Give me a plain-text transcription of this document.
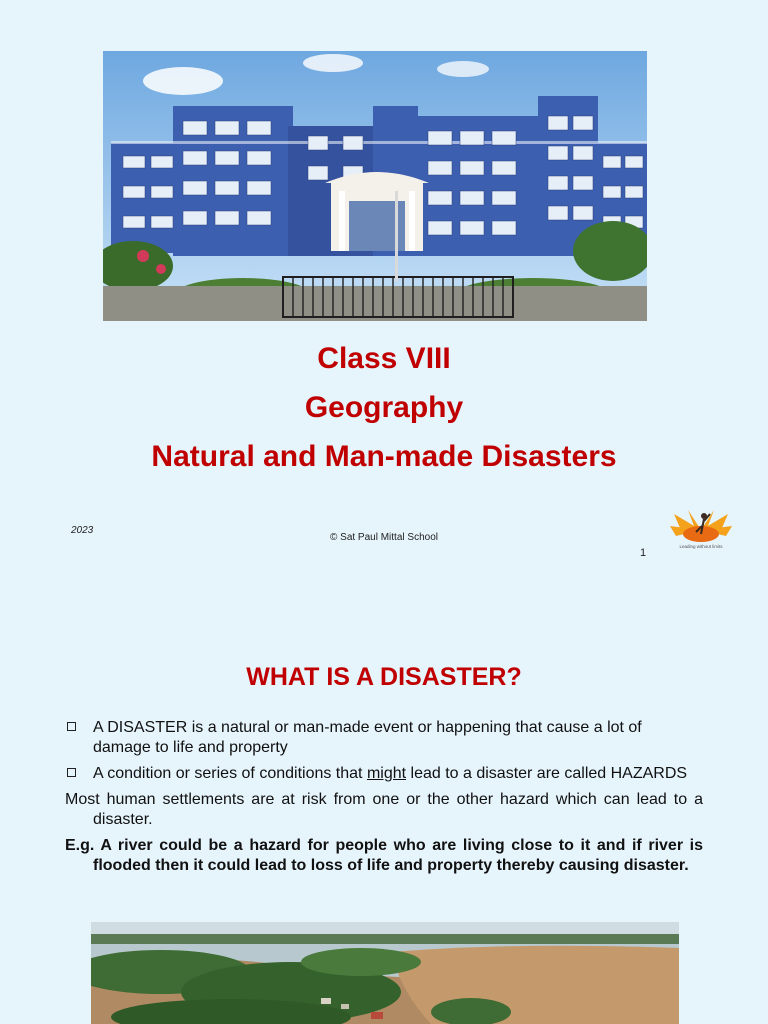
Class VIII
Geography
Natural and Man-made Disasters
2023
© Sat Paul Mittal School
1
Leading without limits
WHAT IS A DISASTER?
A DISASTER is a natural or man-made event or happening that cause a lot of damage to life and property
A condition or series of conditions that might lead to a disaster are called HAZARDS
Most human settlements are at risk from one or the other hazard which can lead to a disaster.
E.g. A river could be a hazard for people who are living close to it and if river is flooded then it could lead to loss of life and property thereby causing disaster.
